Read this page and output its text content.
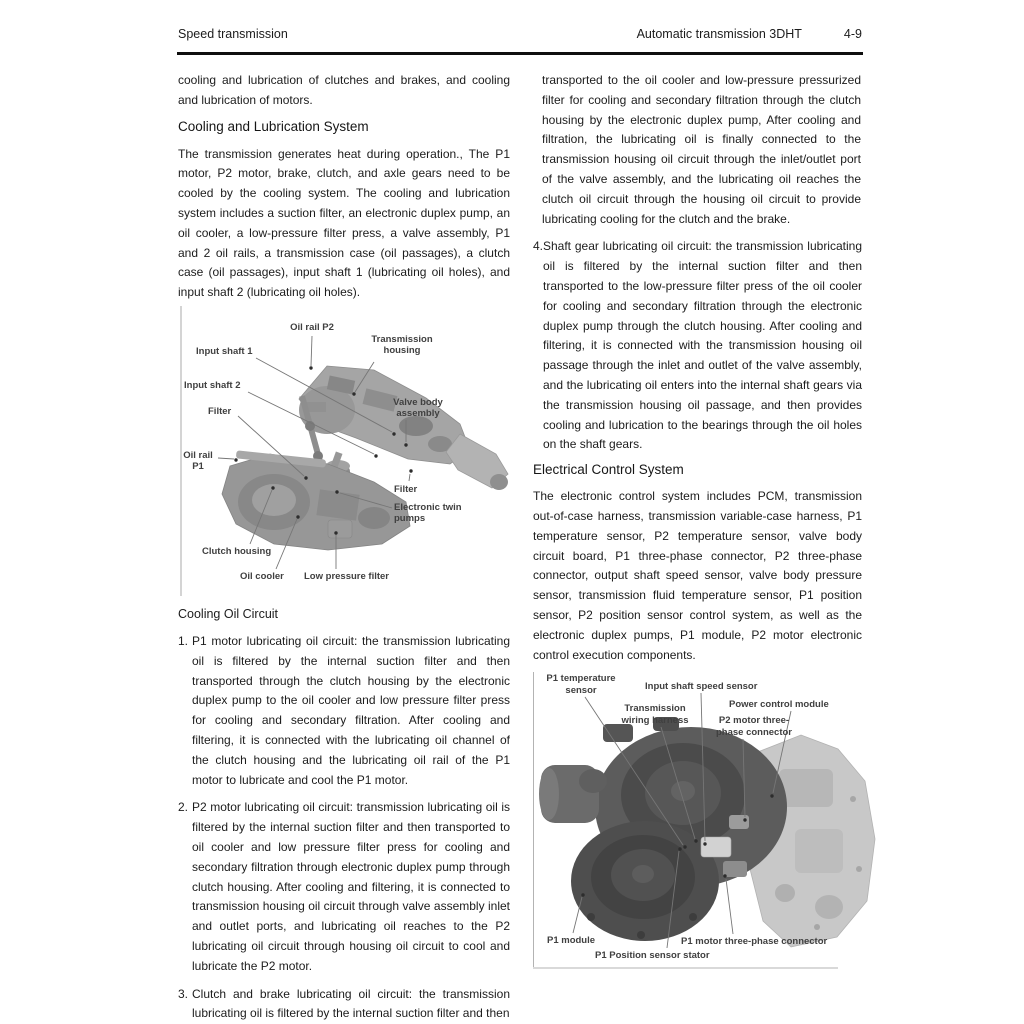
Speed transmission	Automatic transmission 3DHT	4-9

cooling and lubrication of clutches and brakes, and cooling and lubrication of motors.

Cooling and Lubrication System

The transmission generates heat during operation., The P1 motor, P2 motor, brake, clutch, and axle gears need to be cooled by the cooling system. The cooling and lubrication system includes a suction filter, an electronic duplex pump, an oil cooler, a low-pressure filter press, a valve assembly, P1 and 2 oil rails, a transmission case (oil passages), a clutch case (oil passages), input shaft 1 (lubricating oil holes), and input shaft 2 (lubricating oil holes).

Oil rail P2
Input shaft 1
Transmission housing
Input shaft 2
Filter
Oil rail P1
Valve body assembly
Filter
Electronic twin pumps
Clutch housing
Oil cooler	Low pressure filter
Cooling Oil Circuit
1. P1 motor lubricating oil circuit: the transmission lubricating oil is filtered by the internal suction filter and then transported through the clutch housing by the electronic duplex pump to the oil cooler and low pressure filter press for cooling and secondary filtration. After cooling and filtering, it is connected with the lubricating oil channel of the clutch housing and the lubricating oil rail of the P1 motor to lubricate and cool the P1 motor.
2. P2 motor lubricating oil circuit: transmission lubricating oil is filtered by the internal suction filter and then transported to oil cooler and low pressure filter press for cooling and secondary filtration through electronic duplex pump through clutch housing. After cooling and filtering, it is connected to transmission housing oil circuit through valve assembly inlet and outlet ports, and lubricating oil reaches to the P2 lubricating oil circuit through housing oil circuit to cool and lubricate the P2 motor.
3. Clutch and brake lubricating oil circuit: the transmission lubricating oil is filtered by the internal suction filter and then

transported to the oil cooler and low-pressure pressurized filter for cooling and secondary filtration through the clutch housing by the electronic duplex pump, After cooling and filtration, the lubricating oil is finally connected to the transmission housing oil circuit through the inlet/outlet port of the valve assembly, and the lubricating oil reaches the clutch oil circuit through the housing oil circuit to provide lubricating cooling for the clutch and the brake.

4. Shaft gear lubricating oil circuit: the transmission lubricating oil is filtered by the internal suction filter and then transported to the low-pressure filter press of the oil cooler for cooling and secondary filtration through the electronic duplex pump through the clutch housing. After cooling and filtering, it is connected with the transmission housing oil passage through the inlet and outlet of the valve assembly, and the lubricating oil enters into the internal shaft gears via the transmission housing oil passage, and then provides cooling and lubrication to the bearings through the oil holes on the shaft gears.
Electrical Control System

The electronic control system includes PCM, transmission out-of-case harness, transmission variable-case harness, P1 temperature sensor, P2 temperature sensor, valve body circuit board, P1 three-phase connector, P2 three-phase connector, output shaft speed sensor, valve body pressure sensor, transmission fluid temperature sensor, P1 position sensor, P2 position sensor control system, as well as the electronic duplex pumps, P1 module, P2 motor electronic control execution components.

P1 temperature sensor	Input shaft speed sensor
Transmission wiring harness
Power control module
P2 motor three-phase connector
P1 module	P1 motor three-phase connector
P1 Position sensor stator
